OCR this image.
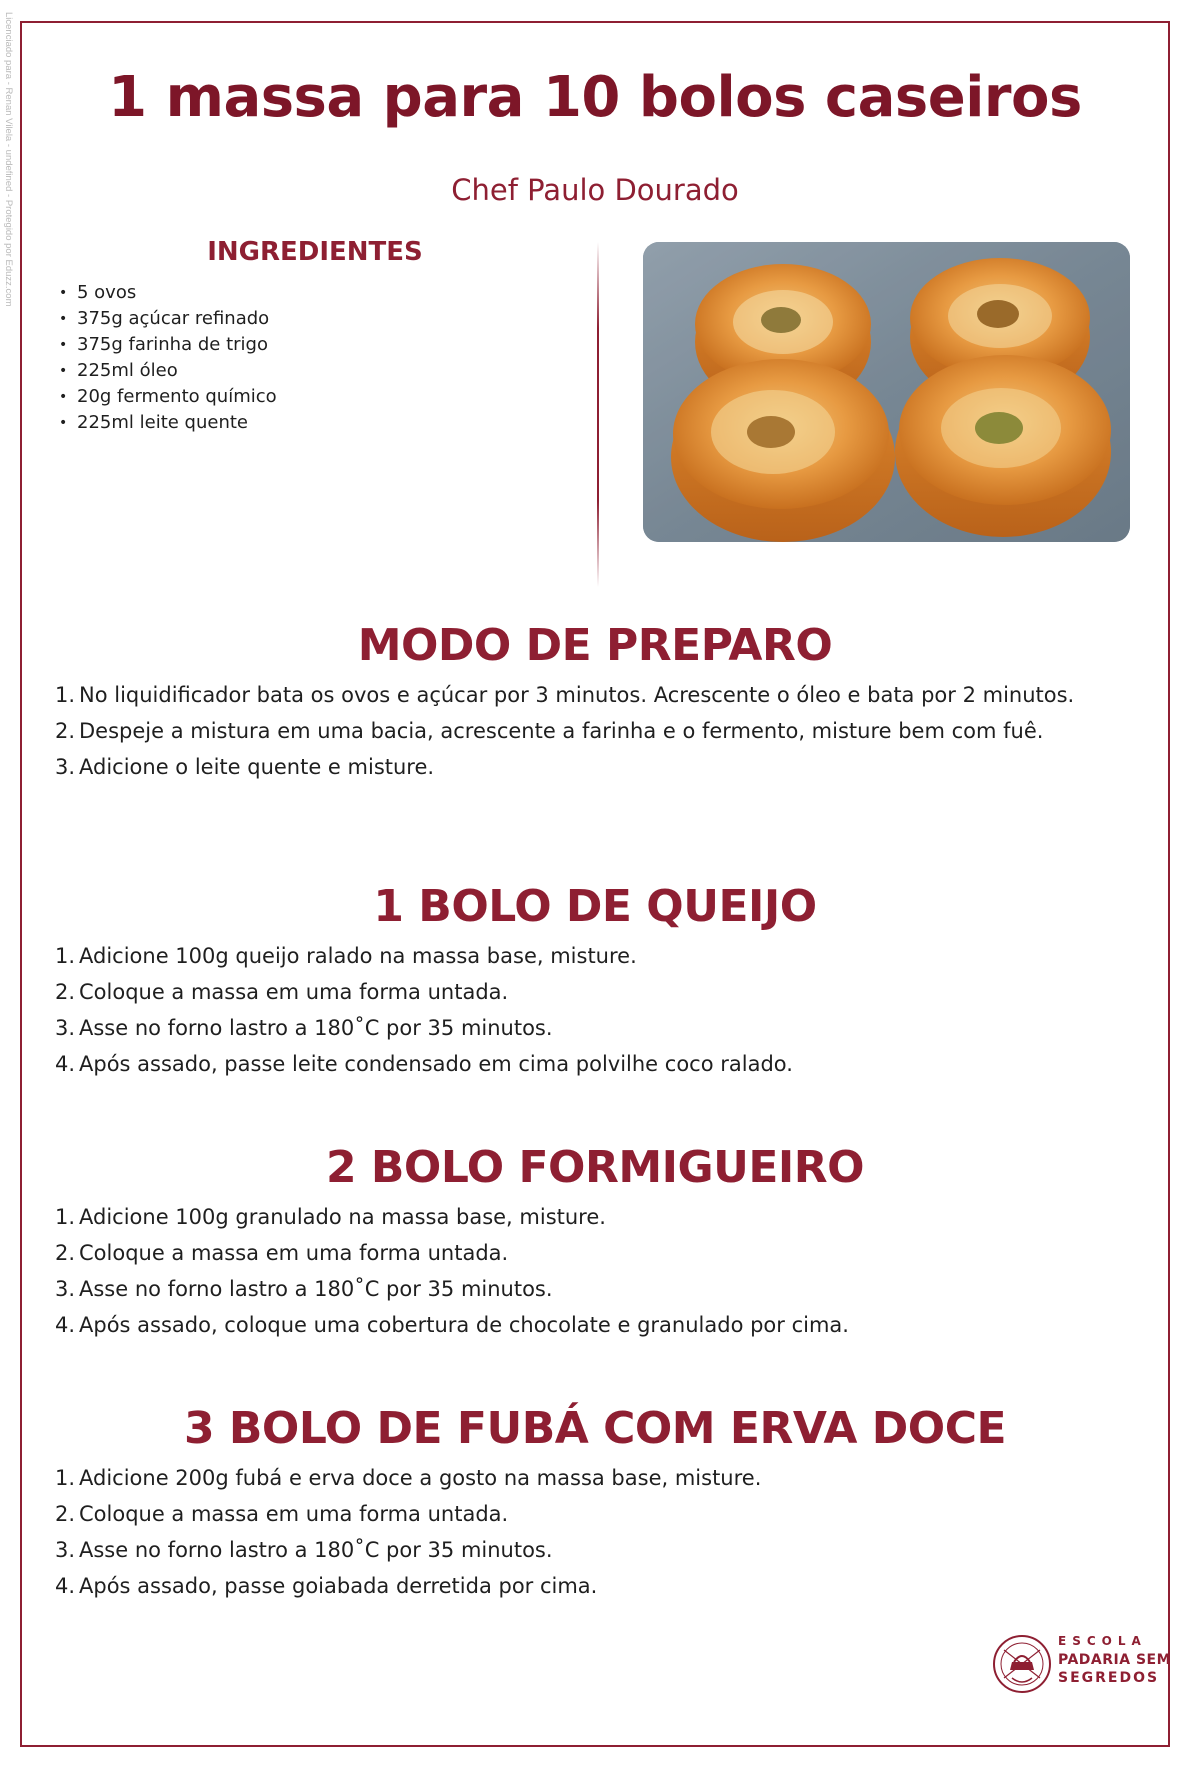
Licenciado para - Renan Vilela - undefined - Protegido por Eduzz.com	1 massa para 10 bolos caseiros
Chef Paulo Dourado
INGREDIENTES
• 5 ovos
• 375g açúcar refinado
• 375g farinha de trigo
• 225ml óleo
• 20g fermento químico
• 225ml leite quente
MODO DE PREPARO
1. No liquidificador bata os ovos e açúcar por 3 minutos. Acrescente o óleo e bata por 2 minutos.
2. Despeje a mistura em uma bacia, acrescente a farinha e o fermento, misture bem com fuê.
3. Adicione o leite quente e misture.
1 BOLO DE QUEIJO
1. Adicione 100g queijo ralado na massa base, misture.
2. Coloque a massa em uma forma untada.
3. Asse no forno lastro a 180˚C por 35 minutos.
4. Após assado, passe leite condensado em cima polvilhe coco ralado.
2 BOLO FORMIGUEIRO
1. Adicione 100g granulado na massa base, misture.
2. Coloque a massa em uma forma untada.
3. Asse no forno lastro a 180˚C por 35 minutos.
4. Após assado, coloque uma cobertura de chocolate e granulado por cima.
3 BOLO DE FUBÁ COM ERVA DOCE
1. Adicione 200g fubá e erva doce a gosto na massa base, misture.
2. Coloque a massa em uma forma untada.
3. Asse no forno lastro a 180˚C por 35 minutos.
4. Após assado, passe goiabada derretida por cima.
ESCOLA
PADARIA SEM
SEGREDOS
